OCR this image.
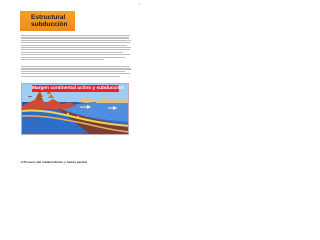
1
Estructural
subducción
Margen continental activo y subducción
2.Proceso del metamorfismo y fusión parcial
